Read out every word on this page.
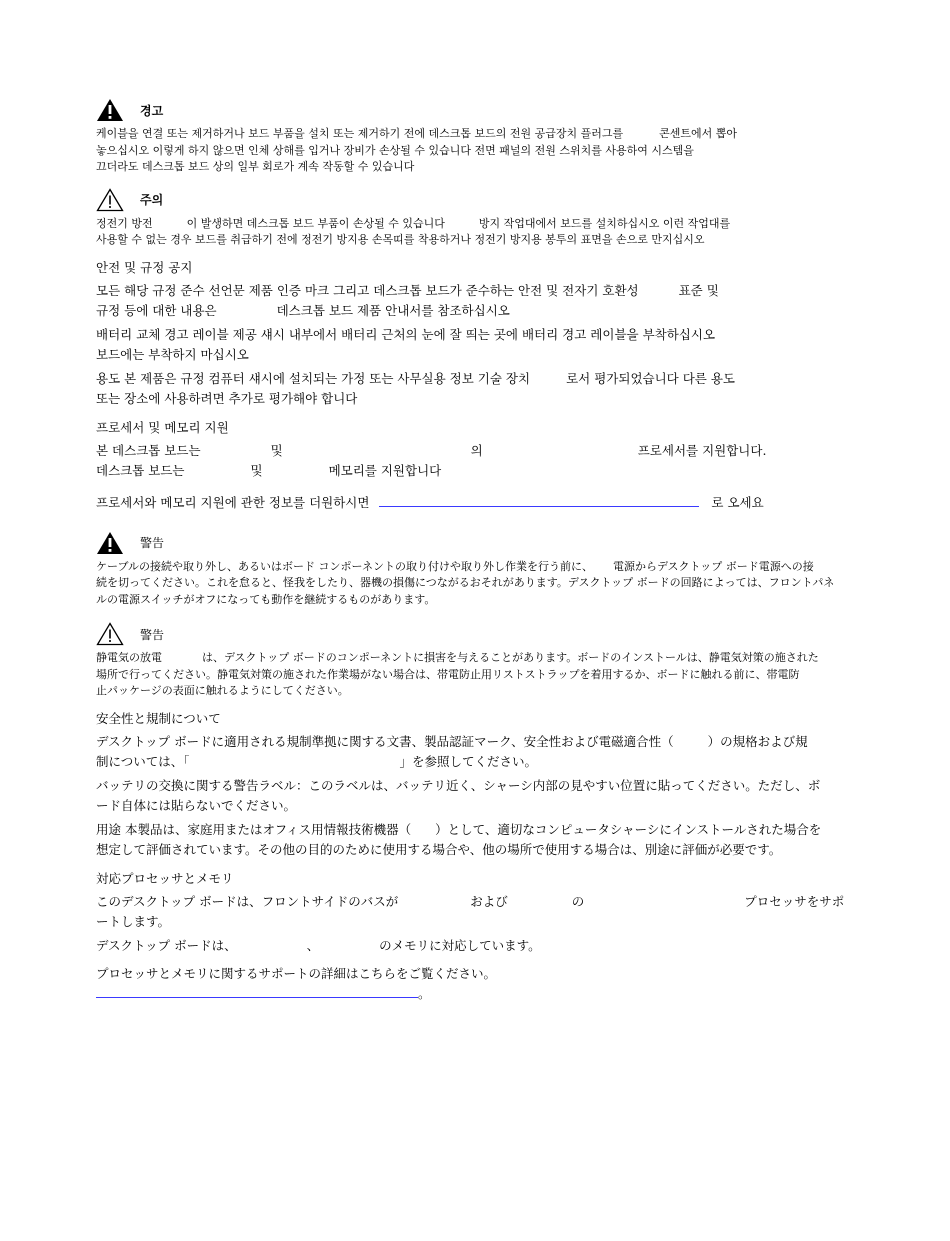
경고
케이블을 연결 또는 제거하거나 보드 부품을 설치 또는 제거하기 전에 데스크톱 보드의 전원 공급장치 플러그를	콘센트에서 뽑아
놓으십시오 이렇게 하지 않으면 인체 상해를 입거나 장비가 손상될 수 있습니다 전면 패널의 전원 스위치를 사용하여 시스템을
끄더라도 데스크톱 보드 상의 일부 회로가 계속 작동할 수 있습니다
주의
정전기 방전	이 발생하면 데스크톱 보드 부품이 손상될 수 있습니다	방지 작업대에서 보드를 설치하십시오 이런 작업대를
사용할 수 없는 경우 보드를 취급하기 전에 정전기 방지용 손목띠를 착용하거나 정전기 방지용 봉투의 표면을 손으로 만지십시오
안전 및 규정 공지
모든 해당 규정 준수 선언문 제품 인증 마크 그리고 데스크톱 보드가 준수하는 안전 및 전자기 호환성	표준 및
규정 등에 대한 내용은	데스크톱 보드 제품 안내서를 참조하십시오
배터리 교체 경고 레이블 제공 섀시 내부에서 배터리 근처의 눈에 잘 띄는 곳에 배터리 경고 레이블을 부착하십시오
보드에는 부착하지 마십시오
용도 본 제품은 규정 컴퓨터 섀시에 설치되는 가정 또는 사무실용 정보 기술 장치	로서 평가되었습니다 다른 용도
또는 장소에 사용하려면 추가로 평가해야 합니다
프로세서 및 메모리 지원
본 데스크톱 보드는	및	의	프로세서를 지원합니다.
데스크톱 보드는	및	메모리를 지원합니다
프로세서와 메모리 지원에 관한 정보를 더원하시면	로 오세요
警告
ケーブルの接続や取り外し、あるいはボード コンポーネントの取り付けや取り外し作業を行う前に、 電源からデスクトップ ボード電源への接
続を切ってください。これを怠ると、怪我をしたり、器機の損傷につながるおそれがあります。デスクトップ ボードの回路によっては、フロントパネ
ルの電源スイッチがオフになっても動作を継続するものがあります。
警告
静電気の放電	は、デスクトップ ボードのコンポーネントに損害を与えることがあります。ボードのインストールは、静電気対策の施された
場所で行ってください。静電気対策の施された作業場がない場合は、帯電防止用リストストラップを着用するか、ボードに触れる前に、帯電防
止パッケージの表面に触れるようにしてください。
安全性と規制について
デスクトップ ボードに適用される規制準拠に関する文書、製品認証マーク、安全性および電磁適合性（	）の規格および規
制については、「	」を参照してください。
バッテリの交換に関する警告ラベル：このラベルは、バッテリ近く、シャーシ内部の見やすい位置に貼ってください。ただし、ボ
ード自体には貼らないでください。
用途 本製品は、家庭用またはオフィス用情報技術機器（ ）として、適切なコンピュータシャーシにインストールされた場合を
想定して評価されています。その他の目的のために使用する場合や、他の場所で使用する場合は、別途に評価が必要です。
対応プロセッサとメモリ
このデスクトップ ボードは、フロントサイドのバスが	および	の	プロセッサをサポ
ートします。
デスクトップ ボードは、	、	のメモリに対応しています。
プロセッサとメモリに関するサポートの詳細はこちらをご覧ください。
。
